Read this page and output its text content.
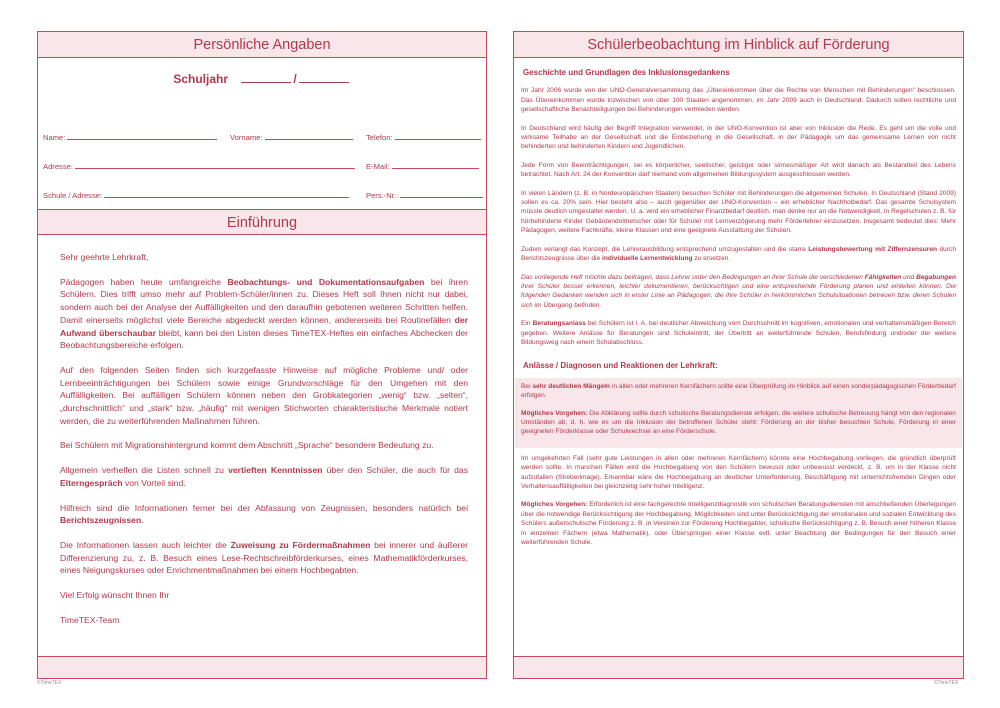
Persönliche Angaben
Schuljahr	/
Name:	Vorname:	Telefon:
Adresse:	E-Mail:
Schule / Adresse:	Pers.-Nr.:
Einführung

Sehr geehrte Lehrkraft,

Pädagogen haben heute umfangreiche Beobachtungs- und Dokumentationsaufgaben bei ihren Schülern. Dies trifft umso mehr auf Problem-Schüler/innen zu. Dieses Heft soll Ihnen nicht nur dabei, sondern auch bei der Analyse der Auffälligkeiten und den daraufhin gebotenen weiteren Schritten helfen. Damit einerseits möglichst viele Bereiche abgedeckt werden können, andererseits bei Routinefällen der Aufwand überschaubar bleibt, kann bei den Listen dieses TimeTEX-Heftes ein einfaches Abchecken der Beobachtungsbereiche erfolgen.

Auf den folgenden Seiten finden sich kurzgefasste Hinweise auf mögliche Probleme und/ oder Lernbeeinträchtigungen bei Schülern sowie einige Grundvorschläge für den Umgehen mit den Auffälligkeiten. Bei auffälligen Schülern können neben den Grobkategorien „wenig“ bzw. „selten“, „durchschnittlich“ und „stark“ bzw. „häufig“ mit wenigen Stichworten charakteristische Merkmale notiert werden, die zu weiterführenden Maßnahmen führen.

Bei Schülern mit Migrationshintergrund kommt dem Abschnitt „Sprache“ besondere Bedeutung zu.

Allgemein verhelfen die Listen schnell zu vertieften Kenntnissen über den Schüler, die auch für das Elterngespräch von Vorteil sind.

Hilfreich sind die Informationen ferner bei der Abfassung von Zeugnissen, besonders natürlich bei Berichtszeugnissen.

Die Informationen lassen auch leichter die Zuweisung zu Fördermaßnahmen bei innerer und äußerer Differenzierung zu, z. B. Besuch eines Lese-Rechtschreibförderkurses, eines Mathematikförderkurses, eines Neigungskurses oder Enrichmentmaßnahmen bei einem Hochbegabten.

Viel Erfolg wünscht Ihnen Ihr

TimeTEX-Team

Schülerbeobachtung im Hinblick auf Förderung
Geschichte und Grundlagen des Inklusionsgedankens

Im Jahr 2006 wurde von der UNO-Generalversammlung das „Übereinkommen über die Rechte von Menschen mit Behinderungen“ beschlossen. Das Übereinkommen wurde inzwischen von über 100 Staaten angenommen, im Jahr 2009 auch in Deutschland. Dadurch sollen rechtliche und gesellschaftliche Benachteiligungen bei Behinderungen vermieden werden.

In Deutschland wird häufig der Begriff Integration verwendet, in der UNO-Konvention ist aber von Inklusion die Rede. Es geht um die volle und wirksame Teilhabe an der Gesellschaft und die Einbeziehung in die Gesellschaft, in der Pädagogik um das gemeinsame Lernen von nicht behinderten und behinderten Kindern und Jugendlichen.

Jede Form von Beeinträchtigungen, sei es körperlicher, seelischer, geistiger oder sinnesmäßiger Art wird danach als Bestandteil des Lebens betrachtet. Nach Art. 24 der Konvention darf niemand vom allgemeinen Bildungssystem ausgeschlossen werden.

In vielen Ländern (z. B. in Nordeuropäischen Staaten) besuchen Schüler mit Behinderungen die allgemeinen Schulen. In Deutschland (Stand 2009) sollen es ca. 20% sein. Hier besteht also – auch gegenüber der UNO-Konvention – ein erheblicher Nachholbedarf. Das gesamte Schulsystem müsste deutlich umgestaltet werden. U. a. wird ein erheblicher Finanzbedarf deutlich, man denke nur an die Notwendigkeit, in Regelschulen z. B. für hörbehinderte Kinder Gebärdendolmetscher oder für Schüler mit Lernverzögerung mehr Förderlehrer einzusetzen. Insgesamt bedeutet dies: Mehr Pädagogen, weitere Fachkräfte, kleine Klassen und eine geeignete Ausstattung der Schulen.

Zudem verlangt das Konzept, die Lehrerausbildung entsprechend umzugestalten und die starre Leistungsbewertung mit Ziffernzensuren durch Berichtszeugnisse über die individuelle Lernentwicklung zu ersetzen.

Das vorliegende Heft möchte dazu beitragen, dass Lehrer unter den Bedingungen an ihrer Schule die verschiedenen Fähigkeiten und Begabungen ihrer Schüler besser erkennen, leichter dokumentieren, berücksichtigen und eine entsprechende Förderung planen und einleiten können. Die folgenden Gedanken wenden sich in erster Linie an Pädagogen, die ihre Schüler in herkömmlichen Schulsituationen betreuen bzw. deren Schulen sich im Übergang befinden.

Ein Beratungsanlass bei Schülern ist i. A. bei deutlicher Abweichung vom Durchschnitt im kognitiven, emotionalen und verhaltensmäßigen Bereich gegeben. Weitere Anlässe für Beratungen sind Schuleintritt, der Übertritt an weiterführende Schulen, Berufsfindung und/oder der weitere Bildungsweg nach einem Schulabschluss.

Anlässe / Diagnosen und Reaktionen der Lehrkraft:

Bei sehr deutlichen Mängeln in allen oder mehreren Kernfächern sollte eine Überprüfung im Hinblick auf einen sonderpädagogischen Förderbedarf erfolgen.

Mögliches Vorgehen: Die Abklärung sollte durch schulische Beratungsdienste erfolgen, die weitere schulische Betreuung hängt von den regionalen Umständen ab, d. h. wie es um die Inklusion der betroffenen Schüler steht: Förderung an der bisher besuchten Schule, Förderung in einer geeigneten Förderklasse oder Schulwechsel an eine Förderschule.

Im umgekehrten Fall (sehr gute Leistungen in allen oder mehreren Kernfächern) könnte eine Hochbegabung vorliegen, die gründlich überprüft werden sollte. In manchen Fällen wird die Hochbegabung von den Schülern bewusst oder unbewusst verdeckt, z. B. um in der Klasse nicht aufzufallen (Streberimage). Erkennbar wäre die Hochbegabung an deutlicher Unterforderung, Beschäftigung mit unterrichtsfremden Dingen oder Verhaltensauffälligkeiten bei gleichzeitig sehr hoher Intelligenz.

Mögliches Vorgehen: Erforderlich ist eine fachgerechte Intelligenzdiagnostik von schulischen Beratungsdiensten mit anschließenden Überlegungen über die notwendige Berücksichtigung der Hochbegabung. Möglichkeiten sind unter Berücksichtigung der emotionalen und sozialen Entwicklung des Schülers außerschulische Förderung z. B. in Vereinen zur Förderung Hochbegabter, schulische Berücksichtigung z. B. Besuch einer höheren Klasse in einzelnen Fächern (etwa Mathematik), oder Überspringen einer Klasse evtl. unter Beachtung der Bedingungen für den Besuch einer weiterführenden Schule.

©TimeTEX	©TimeTEX
